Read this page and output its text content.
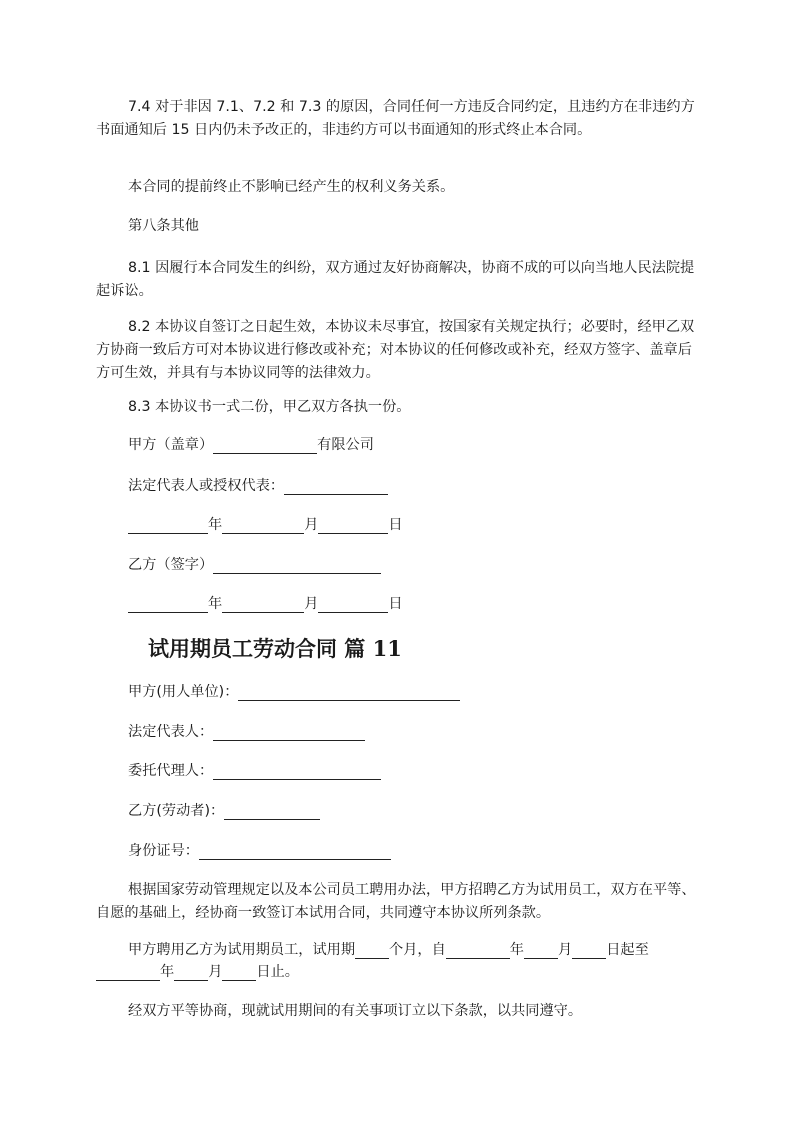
7.4 对于非因 7.1、7.2 和 7.3 的原因，合同任何一方违反合同约定，且违约方在非违约方书面通知后 15 日内仍未予改正的，非违约方可以书面通知的形式终止本合同。

本合同的提前终止不影响已经产生的权利义务关系。

第八条其他

8.1 因履行本合同发生的纠纷，双方通过友好协商解决，协商不成的可以向当地人民法院提起诉讼。

8.2 本协议自签订之日起生效，本协议未尽事宜，按国家有关规定执行；必要时，经甲乙双方协商一致后方可对本协议进行修改或补充；对本协议的任何修改或补充，经双方签字、盖章后方可生效，并具有与本协议同等的法律效力。

8.3 本协议书一式二份，甲乙双方各执一份。

甲方（盖章）	有限公司
法定代表人或授权代表：
年	月	日
乙方（签字）
年	月	日
试用期员工劳动合同 篇 11
甲方(用人单位)：
法定代表人：
委托代理人：
乙方(劳动者)：
身份证号：

根据国家劳动管理规定以及本公司员工聘用办法，甲方招聘乙方为试用员工，双方在平等、自愿的基础上，经协商一致签订本试用合同，共同遵守本协议所列条款。

甲方聘用乙方为试用期员工，试用期 个月，自	年 月 日起至
年 月 日止。

经双方平等协商，现就试用期间的有关事项订立以下条款，以共同遵守。
